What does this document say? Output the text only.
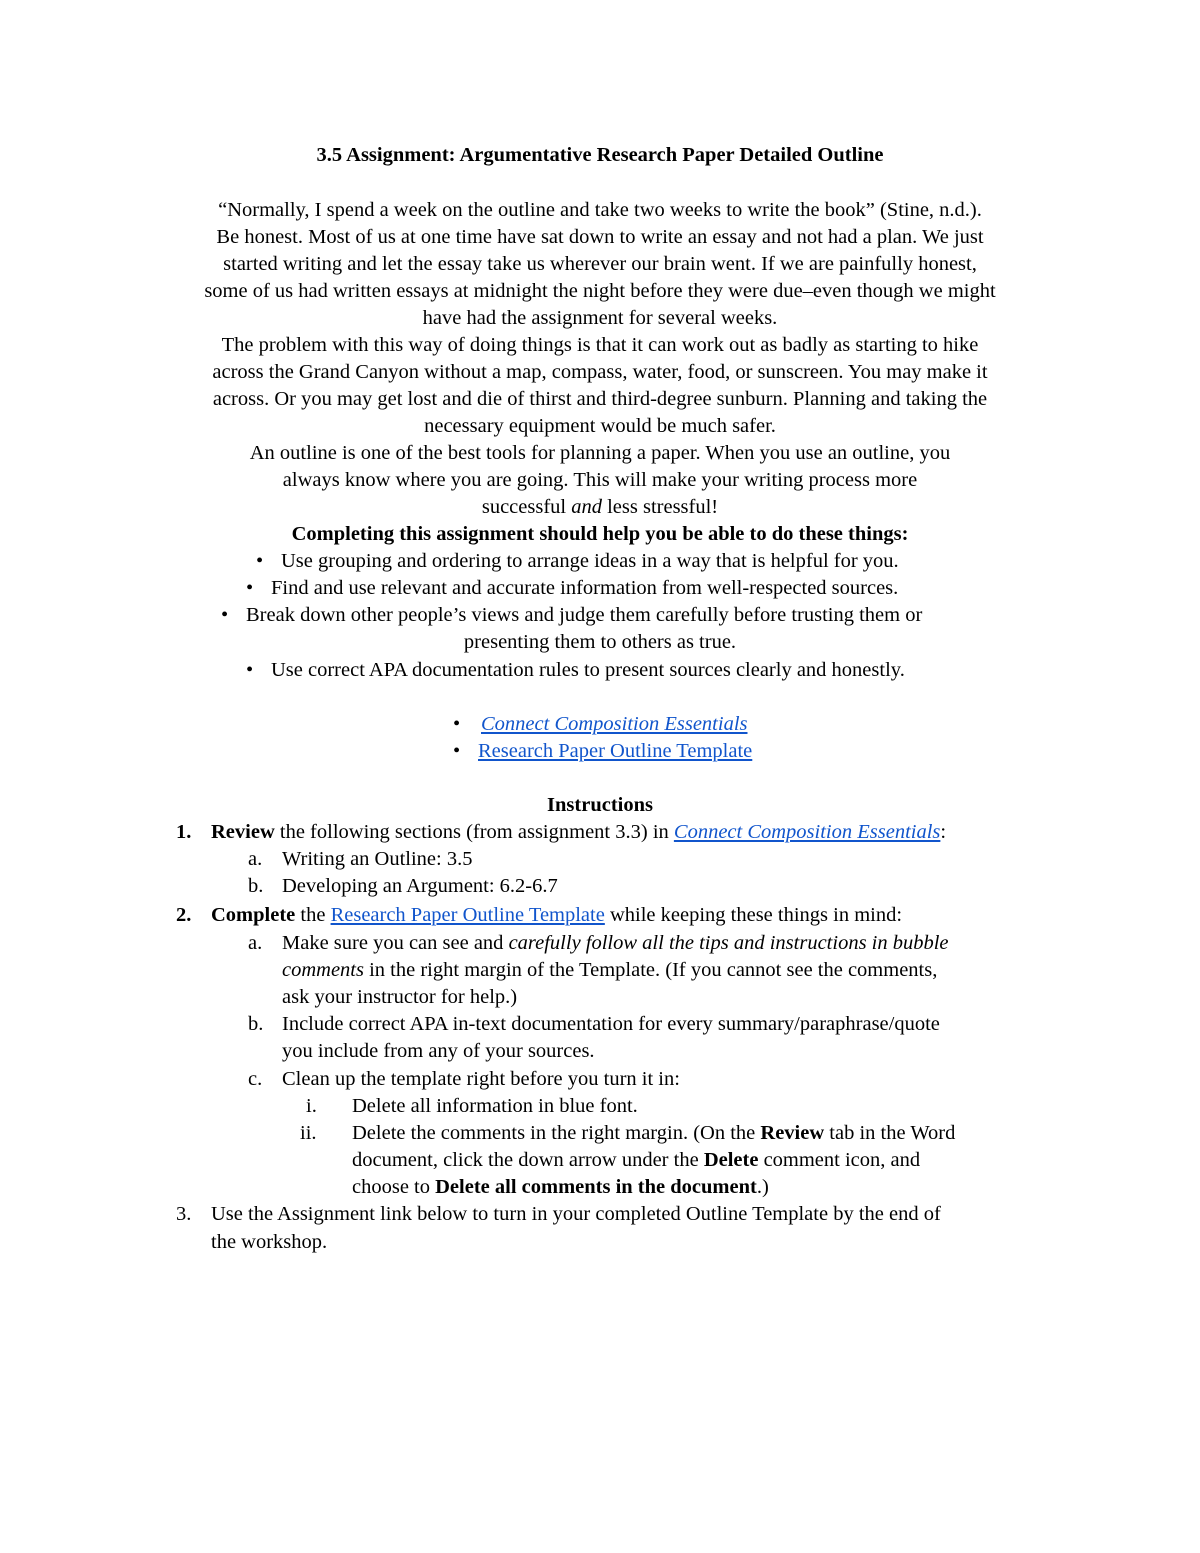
3.5 Assignment: Argumentative Research Paper Detailed Outline
“Normally, I spend a week on the outline and take two weeks to write the book” (Stine, n.d.).
Be honest. Most of us at one time have sat down to write an essay and not had a plan. We just
started writing and let the essay take us wherever our brain went. If we are painfully honest,
some of us had written essays at midnight the night before they were due–even though we might
have had the assignment for several weeks.
The problem with this way of doing things is that it can work out as badly as starting to hike
across the Grand Canyon without a map, compass, water, food, or sunscreen. You may make it
across. Or you may get lost and die of thirst and third-degree sunburn. Planning and taking the
necessary equipment would be much safer.
An outline is one of the best tools for planning a paper. When you use an outline, you
always know where you are going. This will make your writing process more
successful and less stressful!
Completing this assignment should help you be able to do these things:
• Use grouping and ordering to arrange ideas in a way that is helpful for you.
• Find and use relevant and accurate information from well-respected sources.
• Break down other people’s views and judge them carefully before trusting them or
presenting them to others as true.
• Use correct APA documentation rules to present sources clearly and honestly.
• Connect Composition Essentials
• Research Paper Outline Template
Instructions
1. Review the following sections (from assignment 3.3) in Connect Composition Essentials:
a. Writing an Outline: 3.5
b. Developing an Argument: 6.2-6.7
2. Complete the Research Paper Outline Template while keeping these things in mind:
a. Make sure you can see and carefully follow all the tips and instructions in bubble
comments in the right margin of the Template. (If you cannot see the comments,
ask your instructor for help.)
b. Include correct APA in-text documentation for every summary/paraphrase/quote
you include from any of your sources.
c. Clean up the template right before you turn it in:
i. Delete all information in blue font.
ii. Delete the comments in the right margin. (On the Review tab in the Word
document, click the down arrow under the Delete comment icon, and
choose to Delete all comments in the document.)
3. Use the Assignment link below to turn in your completed Outline Template by the end of
the workshop.
